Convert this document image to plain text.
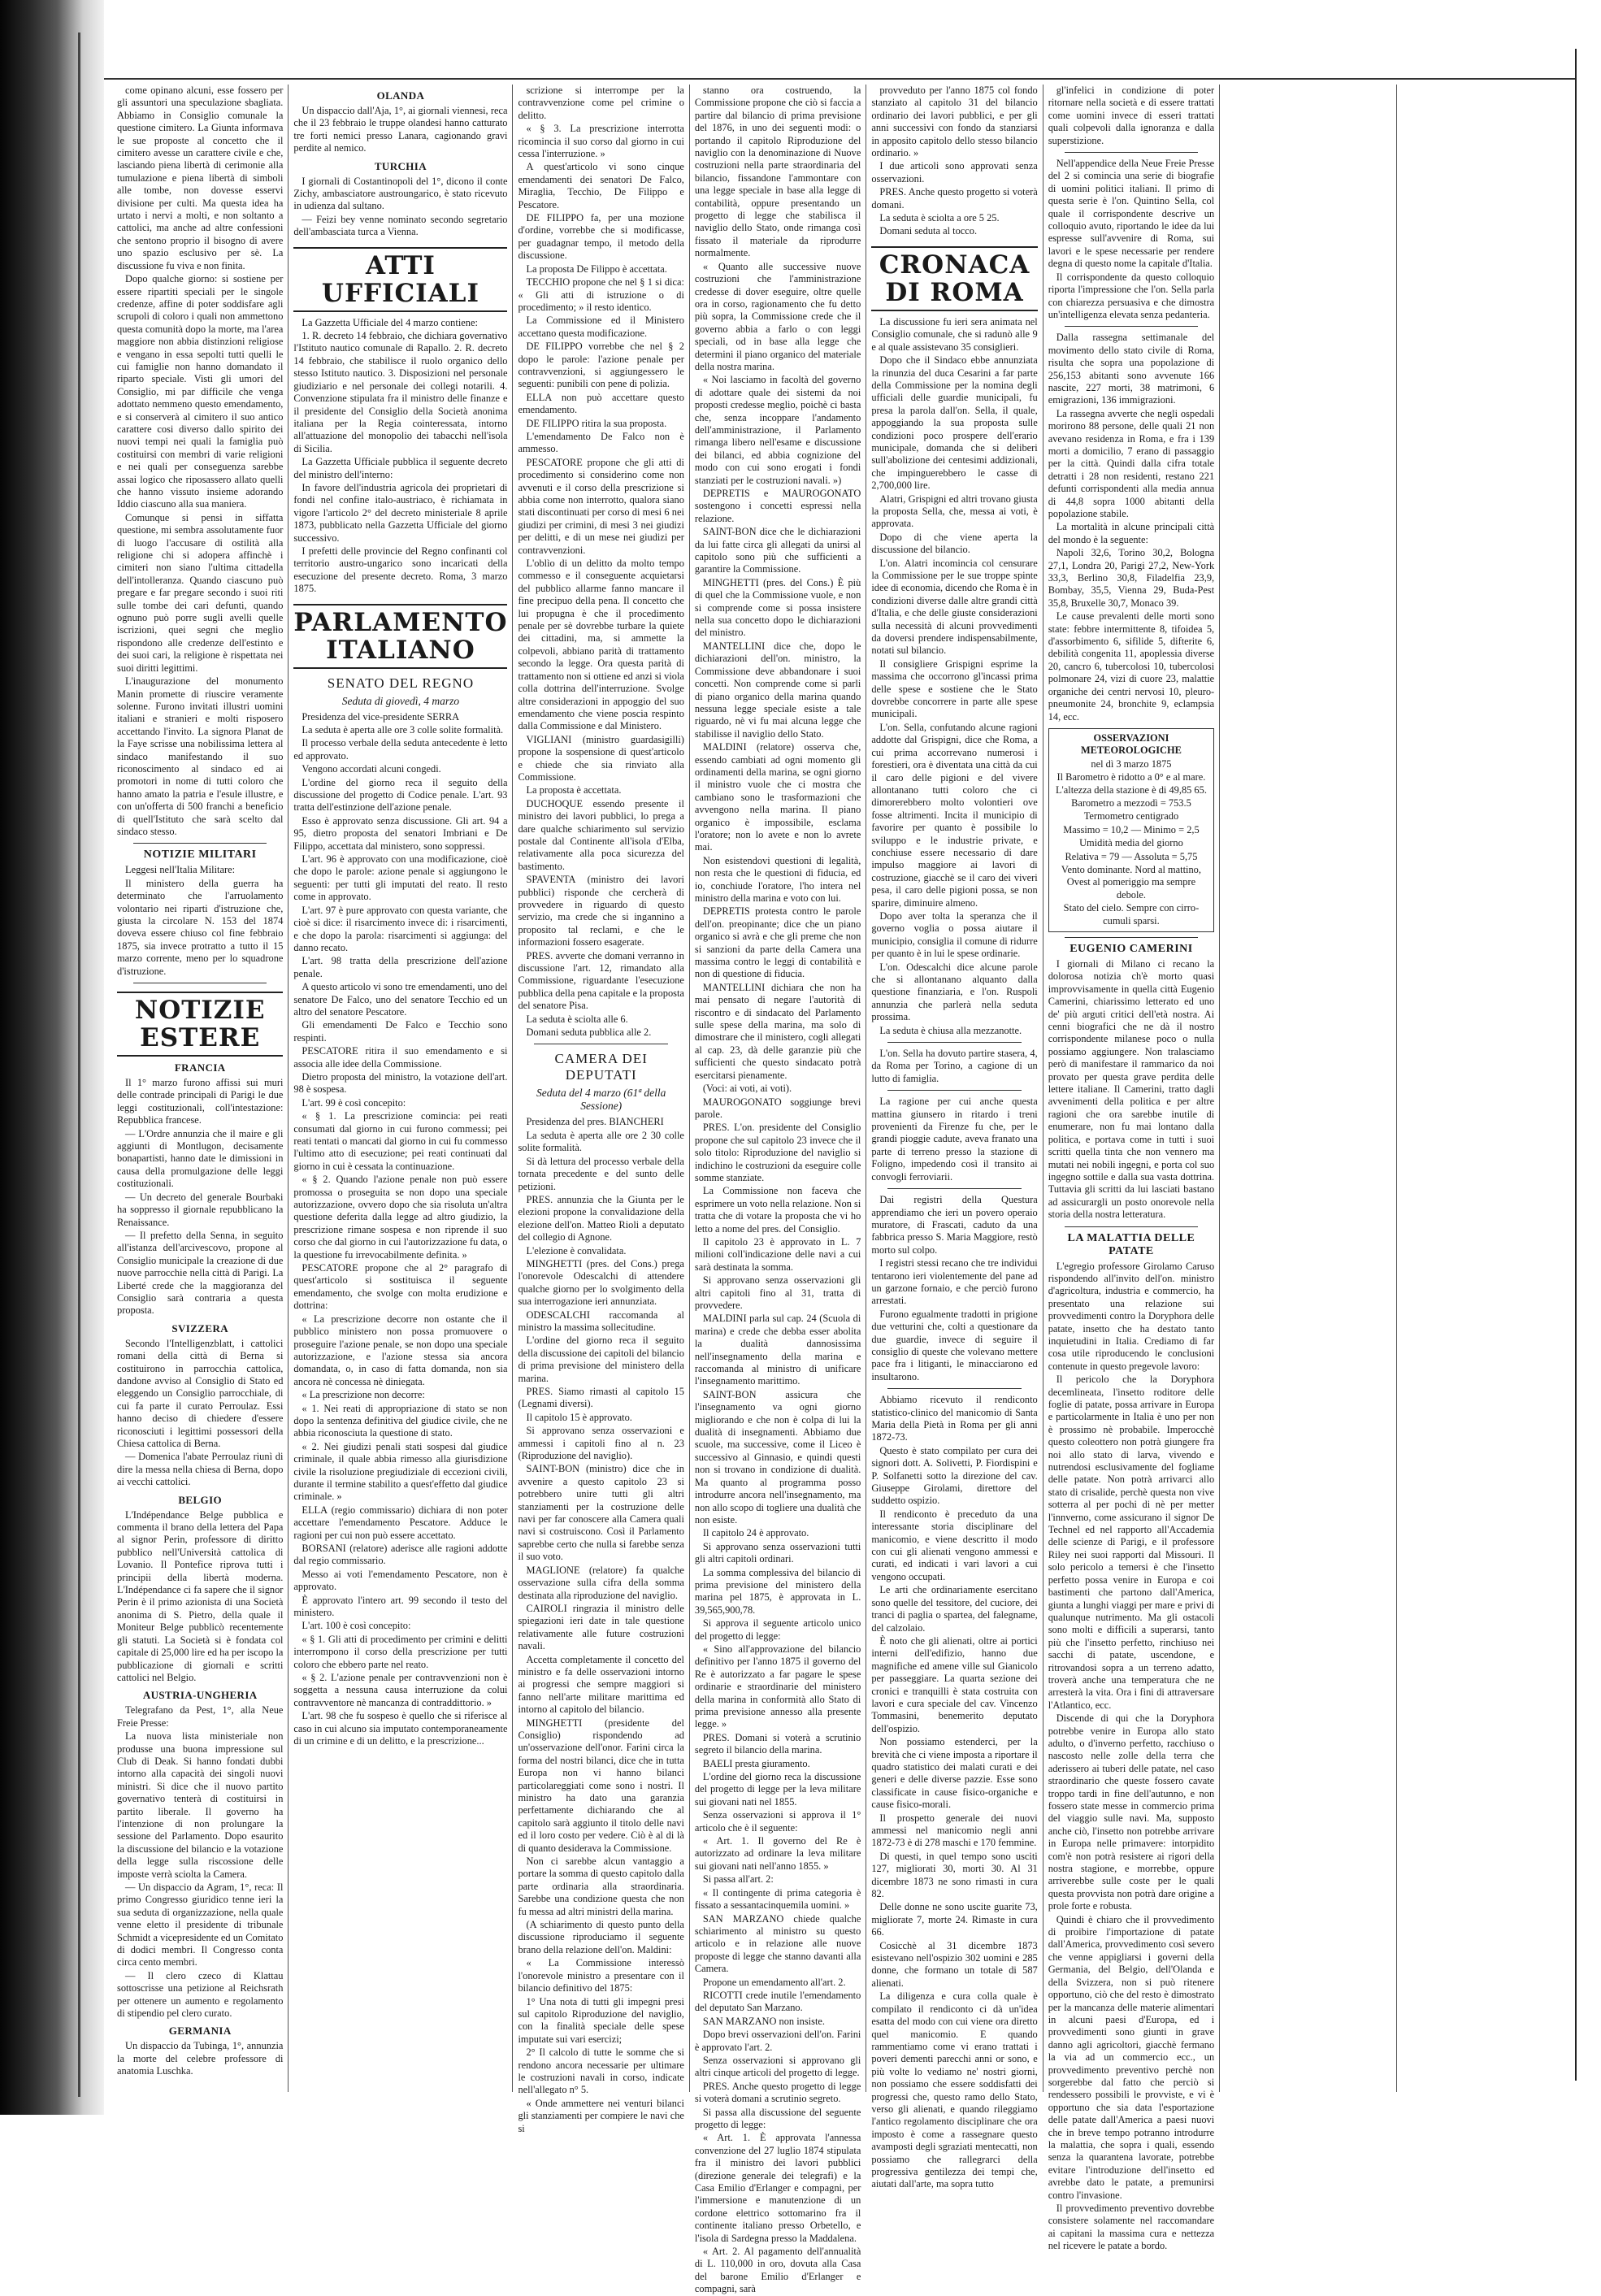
come opinano alcuni, esse fossero per gli assuntori una speculazione sbagliata. Abbiamo in Consiglio comunale la questione cimitero. La Giunta informava le sue proposte al concetto che il cimitero avesse un carattere civile e che, lasciando piena libertà di cerimonie alla tumulazione e piena libertà di simboli alle tombe, non dovesse esservi divisione per culti. Ma questa idea ha urtato i nervi a molti, e non soltanto a cattolici, ma anche ad altre confessioni che sentono proprio il bisogno di avere uno spazio esclusivo per sè. La discussione fu viva e non finita.

Dopo qualche giorno: si sostiene per essere ripartiti speciali per le singole credenze, affine di poter soddisfare agli scrupoli di coloro i quali non ammettono questa comunità dopo la morte, ma l'area maggiore non abbia distinzioni religiose e vengano in essa sepolti tutti quelli le cui famiglie non hanno domandato il riparto speciale. Visti gli umori del Consiglio, mi par difficile che venga adottato nemmeno questo emendamento, e si conserverà al cimitero il suo antico carattere cosi diverso dallo spirito dei nuovi tempi nei quali la famiglia può costituirsi con membri di varie religioni e nei quali per conseguenza sarebbe assai logico che riposassero allato quelli che hanno vissuto insieme adorando Iddio ciascuno alla sua maniera.

Comunque si pensi in siffatta questione, mi sembra assolutamente fuor di luogo l'accusare di ostilità alla religione chi si adopera affinchè i cimiteri non siano l'ultima cittadella dell'intolleranza. Quando ciascuno può pregare e far pregare secondo i suoi riti sulle tombe dei cari defunti, quando ognuno può porre sugli avelli quelle iscrizioni, quei segni che meglio rispondono alle credenze dell'estinto e dei suoi cari, la religione è rispettata nei suoi diritti legittimi.

L'inaugurazione del monumento Manin promette di riuscire veramente solenne. Furono invitati illustri uomini italiani e stranieri e molti risposero accettando l'invito. La signora Planat de la Faye scrisse una nobilissima lettera al sindaco manifestando il suo riconoscimento al sindaco ed ai promotori in nome di tutti coloro che hanno amato la patria e l'esule illustre, e con un'offerta di 500 franchi a beneficio di quell'Istituto che sarà scelto dal sindaco stesso.

NOTIZIE MILITARI

Leggesi nell'Italia Militare:

Il ministero della guerra ha determinato che l'arruolamento volontario nei riparti d'istruzione che, giusta la circolare N. 153 del 1874 doveva essere chiuso col fine febbraio 1875, sia invece protratto a tutto il 15 marzo corrente, meno per lo squadrone d'istruzione.

NOTIZIE ESTERE
FRANCIA

Il 1° marzo furono affissi sui muri delle contrade principali di Parigi le due leggi costituzionali, coll'intestazione: Repubblica francese.

— L'Ordre annunzia che il maire e gli aggiunti di Montlugon, decisamente bonapartisti, hanno date le dimissioni in causa della promulgazione delle leggi costituzionali.

— Un decreto del generale Bourbaki ha soppresso il giornale repubblicano la Renaissance.

— Il prefetto della Senna, in seguito all'istanza dell'arcivescovo, propone al Consiglio municipale la creazione di due nuove parrocchie nella città di Parigi. La Liberté crede che la maggioranza del Consiglio sarà contraria a questa proposta.

SVIZZERA

Secondo l'Intelligenzblatt, i cattolici romani della città di Berna si costituirono in parrocchia cattolica, dandone avviso al Consiglio di Stato ed eleggendo un Consiglio parrocchiale, di cui fa parte il curato Perroulaz. Essi hanno deciso di chiedere d'essere riconosciuti i legittimi possessori della Chiesa cattolica di Berna.

— Domenica l'abate Perroulaz riunì di dire la messa nella chiesa di Berna, dopo ai vecchi cattolici.

BELGIO

L'Indépendance Belge pubblica e commenta il brano della lettera del Papa al signor Perin, professore di diritto pubblico nell'Università cattolica di Lovanio. Il Pontefice riprova tutti i principii della libertà moderna. L'Indépendance ci fa sapere che il signor Perin è il primo azionista di una Società anonima di S. Pietro, della quale il Moniteur Belge pubblicò recentemente gli statuti. La Società si è fondata col capitale di 25,000 lire ed ha per iscopo la pubblicazione di giornali e scritti cattolici nel Belgio.

AUSTRIA-UNGHERIA

Telegrafano da Pest, 1°, alla Neue Freie Presse:

La nuova lista ministeriale non produsse una buona impressione sul Club di Deak. Si hanno fondati dubbi intorno alla capacità dei singoli nuovi ministri. Si dice che il nuovo partito governativo tenterà di costituirsi in partito liberale. Il governo ha l'intenzione di non prolungare la sessione del Parlamento. Dopo esaurito la discussione del bilancio e la votazione della legge sulla riscossione delle imposte verrà sciolta la Camera.

— Un dispaccio da Agram, 1°, reca: Il primo Congresso giuridico tenne ieri la sua seduta di organizzazione, nella quale venne eletto il presidente di tribunale Schmidt a vicepresidente ed un Comitato di dodici membri. Il Congresso conta circa cento membri.

— Il clero czeco di Klattau sottoscrisse una petizione al Reichsrath per ottenere un aumento e regolamento di stipendio pel clero curato.

GERMANIA

Un dispaccio da Tubinga, 1°, annunzia la morte del celebre professore di anatomia Luschka.

OLANDA

Un dispaccio dall'Aja, 1°, ai giornali viennesi, reca che il 23 febbraio le truppe olandesi hanno catturato tre forti nemici presso Lanara, cagionando gravi perdite al nemico.

TURCHIA

I giornali di Costantinopoli del 1°, dicono il conte Zichy, ambasciatore austroungarico, è stato ricevuto in udienza dal sultano.

— Feizi bey venne nominato secondo segretario dell'ambasciata turca a Vienna.

ATTI UFFICIALI

La Gazzetta Ufficiale del 4 marzo contiene:

1. R. decreto 14 febbraio, che dichiara governativo l'Istituto nautico comunale di Rapallo. 2. R. decreto 14 febbraio, che stabilisce il ruolo organico dello stesso Istituto nautico. 3. Disposizioni nel personale giudiziario e nel personale dei collegi notarili. 4. Convenzione stipulata fra il ministro delle finanze e il presidente del Consiglio della Società anonima italiana per la Regia cointeressata, intorno all'attuazione del monopolio dei tabacchi nell'isola di Sicilia.

La Gazzetta Ufficiale pubblica il seguente decreto del ministro dell'interno:

In favore dell'industria agricola dei proprietari di fondi nel confine italo-austriaco, è richiamata in vigore l'articolo 2° del decreto ministeriale 8 aprile 1873, pubblicato nella Gazzetta Ufficiale del giorno successivo.

I prefetti delle provincie del Regno confinanti col territorio austro-ungarico sono incaricati della esecuzione del presente decreto. Roma, 3 marzo 1875.

PARLAMENTO ITALIANO
SENATO DEL REGNO
Seduta di giovedì, 4 marzo

Presidenza del vice-presidente SERRA

La seduta è aperta alle ore 3 colle solite formalità.

Il processo verbale della seduta antecedente è letto ed approvato.

Vengono accordati alcuni congedi.

L'ordine del giorno reca il seguito della discussione del progetto di Codice penale. L'art. 93 tratta dell'estinzione dell'azione penale.

Esso è approvato senza discussione. Gli art. 94 a 95, dietro proposta del senatori Imbriani e De Filippo, accettata dal ministero, sono soppressi.

L'art. 96 è approvato con una modificazione, cioè che dopo le parole: azione penale si aggiungono le seguenti: per tutti gli imputati del reato. Il resto come in approvato.

L'art. 97 è pure approvato con questa variante, che cioè si dice: il risarcimento invece di: i risarcimenti, e che dopo la parola: risarcimenti si aggiunga: del danno recato.

L'art. 98 tratta della prescrizione dell'azione penale.

A questo articolo vi sono tre emendamenti, uno del senatore De Falco, uno del senatore Tecchio ed un altro del senatore Pescatore.

Gli emendamenti De Falco e Tecchio sono respinti.

PESCATORE ritira il suo emendamento e si associa alle idee della Commissione.

Dietro proposta del ministro, la votazione dell'art. 98 è sospesa.

L'art. 99 è così concepito:

« § 1. La prescrizione comincia: pei reati consumati dal giorno in cui furono commessi; pei reati tentati o mancati dal giorno in cui fu commesso l'ultimo atto di esecuzione; pei reati continuati dal giorno in cui è cessata la continuazione.

« § 2. Quando l'azione penale non può essere promossa o proseguita se non dopo una speciale autorizzazione, ovvero dopo che sia risoluta un'altra questione deferita dalla legge ad altro giudizio, la prescrizione rimane sospesa e non riprende il suo corso che dal giorno in cui l'autorizzazione fu data, o la questione fu irrevocabilmente definita. »

PESCATORE propone che al 2° paragrafo di quest'articolo si sostituisca il seguente emendamento, che svolge con molta erudizione e dottrina:

« La prescrizione decorre non ostante che il pubblico ministero non possa promuovere o proseguire l'azione penale, se non dopo una speciale autorizzazione, e l'azione stessa sia ancora domandata, o, in caso di fatta domanda, non sia ancora nè concessa nè diniegata.

« La prescrizione non decorre:

« 1. Nei reati di appropriazione di stato se non dopo la sentenza definitiva del giudice civile, che ne abbia riconosciuta la questione di stato.

« 2. Nei giudizi penali stati sospesi dal giudice criminale, il quale abbia rimesso alla giurisdizione civile la risoluzione pregiudiziale di eccezioni civili, durante il termine stabilito a quest'effetto dal giudice criminale. »

ELLA (regio commissario) dichiara di non poter accettare l'emendamento Pescatore. Adduce le ragioni per cui non può essere accettato.

BORSANI (relatore) aderisce alle ragioni addotte dal regio commissario.

Messo ai voti l'emendamento Pescatore, non è approvato.

È approvato l'intero art. 99 secondo il testo del ministero.

L'art. 100 è così concepito:

« § 1. Gli atti di procedimento per crimini e delitti interrompono il corso della prescrizione per tutti coloro che ebbero parte nel reato.

« § 2. L'azione penale per contravvenzioni non è soggetta a nessuna causa interruzione da colui contravventore nè mancanza di contraddittorio. »

L'art. 98 che fu sospeso è quello che si riferisce al caso in cui alcuno sia imputato contemporaneamente di un crimine e di un delitto, e la prescrizione...

scrizione si interrompe per la contravvenzione come pel crimine o delitto.

« § 3. La prescrizione interrotta ricomincia il suo corso dal giorno in cui cessa l'interruzione. »

A quest'articolo vi sono cinque emendamenti dei senatori De Falco, Miraglia, Tecchio, De Filippo e Pescatore.

DE FILIPPO fa, per una mozione d'ordine, vorrebbe che si modificasse, per guadagnar tempo, il metodo della discussione.

La proposta De Filippo è accettata.

TECCHIO propone che nel § 1 si dica: « Gli atti di istruzione o di procedimento; » il resto identico.

La Commissione ed il Ministero accettano questa modificazione.

DE FILIPPO vorrebbe che nel § 2 dopo le parole: l'azione penale per contravvenzioni, si aggiungessero le seguenti: punibili con pene di polizia.

ELLA non può accettare questo emendamento.

DE FILIPPO ritira la sua proposta.

L'emendamento De Falco non è ammesso.

PESCATORE propone che gli atti di procedimento si considerino come non avvenuti e il corso della prescrizione si abbia come non interrotto, qualora siano stati discontinuati per corso di mesi 6 nei giudizi per crimini, di mesi 3 nei giudizi per delitti, e di un mese nei giudizi per contravvenzioni.

L'oblìo di un delitto da molto tempo commesso e il conseguente acquietarsi del pubblico allarme fanno mancare il fine precipuo della pena. Il concetto che lui propugna è che il procedimento penale per sè dovrebbe turbare la quiete dei cittadini, ma, si ammette la colpevoli, abbiano parità di trattamento secondo la legge. Ora questa parità di trattamento non si ottiene ed anzi si viola colla dottrina dell'interruzione. Svolge altre considerazioni in appoggio del suo emendamento che viene poscia respinto dalla Commissione e dal Ministero.

VIGLIANI (ministro guardasigilli) propone la sospensione di quest'articolo e chiede che sia rinviato alla Commissione.

La proposta è accettata.

DUCHOQUE essendo presente il ministro dei lavori pubblici, lo prega a dare qualche schiarimento sul servizio postale dal Continente all'isola d'Elba, relativamente alla poca sicurezza del bastimento.

SPAVENTA (ministro dei lavori pubblici) risponde che cercherà di provvedere in riguardo di questo servizio, ma crede che si ingannino a proposito tal reclami, e che le informazioni fossero esagerate.

PRES. avverte che domani verranno in discussione l'art. 12, rimandato alla Commissione, riguardante l'esecuzione pubblica della pena capitale e la proposta del senatore Pisa.

La seduta è sciolta alle 6.

Domani seduta pubblica alle 2.

CAMERA DEI DEPUTATI
Seduta del 4 marzo (61ª della Sessione)

Presidenza del pres. BIANCHERI

La seduta è aperta alle ore 2 30 colle solite formalità.

Si dà lettura del processo verbale della tornata precedente e del sunto delle petizioni.

PRES. annunzia che la Giunta per le elezioni propone la convalidazione della elezione dell'on. Matteo Rioli a deputato del collegio di Agnone.

L'elezione è convalidata.

MINGHETTI (pres. del Cons.) prega l'onorevole Odescalchi di attendere qualche giorno per lo svolgimento della sua interrogazione ieri annunziata.

ODESCALCHI raccomanda al ministro la massima sollecitudine.

L'ordine del giorno reca il seguito della discussione dei capitoli del bilancio di prima previsione del ministero della marina.

PRES. Siamo rimasti al capitolo 15 (Legnami diversi).

Il capitolo 15 è approvato.

Si approvano senza osservazioni e ammessi i capitoli fino al n. 23 (Riproduzione del naviglio).

SAINT-BON (ministro) dice che in avvenire a questo capitolo 23 si potrebbero unire tutti gli altri stanziamenti per la costruzione delle navi per far conoscere alla Camera quali navi si costruiscono. Così il Parlamento saprebbe certo che nulla si farebbe senza il suo voto.

MAGLIONE (relatore) fa qualche osservazione sulla cifra della somma destinata alla riproduzione del naviglio.

CAIROLI ringrazia il ministro delle spiegazioni ieri date in tale questione relativamente alle future costruzioni navali.

Accetta completamente il concetto del ministro e fa delle osservazioni intorno ai progressi che sempre maggiori si fanno nell'arte militare marittima ed intorno al capitolo del bilancio.

MINGHETTI (presidente del Consiglio) rispondendo ad un'osservazione dell'onor. Farini circa la forma del nostri bilanci, dice che in tutta Europa non vi hanno bilanci particolareggiati come sono i nostri. Il ministro ha dato una garanzia perfettamente dichiarando che al capitolo sarà aggiunto il titolo delle navi ed il loro costo per vedere. Ciò è al di là di quanto desiderava la Commissione.

Non ci sarebbe alcun vantaggio a portare la somma di questo capitolo dalla parte ordinaria alla straordinaria. Sarebbe una condizione questa che non fu messa ad altri ministri della marina.

(A schiarimento di questo punto della discussione riproduciamo il seguente brano della relazione dell'on. Maldini:

« La Commissione interessò l'onorevole ministro a presentare con il bilancio definitivo del 1875:

1° Una nota di tutti gli impegni presi sul capitolo Riproduzione del naviglio, con la finalità speciale delle spese imputate sui vari esercizi;

2° Il calcolo di tutte le somme che si rendono ancora necessarie per ultimare le costruzioni navali in corso, indicate nell'allegato n° 5.

« Onde ammettere nei venturi bilanci gli stanziamenti per compiere le navi che si

stanno ora costruendo, la Commissione propone che ciò si faccia a partire dal bilancio di prima previsione del 1876, in uno dei seguenti modi: o portando il capitolo Riproduzione del naviglio con la denominazione di Nuove costruzioni nella parte straordinaria del bilancio, fissandone l'ammontare con una legge speciale in base alla legge di contabilità, oppure presentando un progetto di legge che stabilisca il naviglio dello Stato, onde rimanga così fissato il materiale da riprodurre normalmente.

« Quanto alle successive nuove costruzioni che l'amministrazione credesse di dover eseguire, oltre quelle ora in corso, ragionamento che fu detto più sopra, la Commissione crede che il governo abbia a farlo o con leggi speciali, od in base alla legge che determini il piano organico del materiale della nostra marina.

« Noi lasciamo in facoltà del governo di adottare quale dei sistemi da noi proposti credesse meglio, poichè ci basta che, senza incoppare l'andamento dell'amministrazione, il Parlamento rimanga libero nell'esame e discussione dei bilanci, ed abbia cognizione del modo con cui sono erogati i fondi stanziati per le costruzioni navali. »)

DEPRETIS e MAUROGONATO sostengono i concetti espressi nella relazione.

SAINT-BON dice che le dichiarazioni da lui fatte circa gli allegati da unirsi al capitolo sono più che sufficienti a garantire la Commissione.

MINGHETTI (pres. del Cons.) È più di quel che la Commissione vuole, e non si comprende come si possa insistere nella sua concetto dopo le dichiarazioni del ministro.

MANTELLINI dice che, dopo le dichiarazioni dell'on. ministro, la Commissione deve abbandonare i suoi concetti. Non comprende come si parli di piano organico della marina quando nessuna legge speciale esiste a tale riguardo, nè vi fu mai alcuna legge che stabilisse il naviglio dello Stato.

MALDINI (relatore) osserva che, essendo cambiati ad ogni momento gli ordinamenti della marina, se ogni giorno il ministro vuole che ci mostra che cambiano sono le trasformazioni che avvengono nella marina. Il piano organico è impossibile, esclama l'oratore; non lo avete e non lo avrete mai.

Non esistendovi questioni di legalità, non resta che le questioni di fiducia, ed io, conchiude l'oratore, l'ho intera nel ministro della marina e voto con lui.

DEPRETIS protesta contro le parole dell'on. preopinante; dice che un piano organico si avrà e che gli preme che non si sanzioni da parte della Camera una massima contro le leggi di contabilità e non di questione di fiducia.

MANTELLINI dichiara che non ha mai pensato di negare l'autorità di riscontro e di sindacato del Parlamento sulle spese della marina, ma solo di dimostrare che il ministero, cogli allegati al cap. 23, dà delle garanzie più che sufficienti che questo sindacato potrà esercitarsi pienamente.

(Voci: ai voti, ai voti).

MAUROGONATO soggiunge brevi parole.

PRES. L'on. presidente del Consiglio propone che sul capitolo 23 invece che il solo titolo: Riproduzione del naviglio si indichino le costruzioni da eseguire colle somme stanziate.

La Commissione non faceva che esprimere un voto nella relazione. Non si tratta che di votare la proposta che vi ho letto a nome del pres. del Consiglio.

Il capitolo 23 è approvato in L. 7 milioni coll'indicazione delle navi a cui sarà destinata la somma.

Si approvano senza osservazioni gli altri capitoli fino al 31, tratta di provvedere.

MALDINI parla sul cap. 24 (Scuola di marina) e crede che debba esser abolita la dualità dannosissima nell'insegnamento della marina e raccomanda al ministro di unificare l'insegnamento marittimo.

SAINT-BON assicura che l'insegnamento va ogni giorno migliorando e che non è colpa di lui la dualità di insegnamenti. Abbiamo due scuole, ma successive, come il Liceo è successivo al Ginnasio, e quindi questi non si trovano in condizione di dualità. Ma quanto al programma posso introdurre ancora nell'insegnamento, ma non allo scopo di togliere una dualità che non esiste.

Il capitolo 24 è approvato.

Si approvano senza osservazioni tutti gli altri capitoli ordinari.

La somma complessiva del bilancio di prima previsione del ministero della marina pel 1875, è approvata in L. 39,565,900,78.

Si approva il seguente articolo unico del progetto di legge:

« Sino all'approvazione del bilancio definitivo per l'anno 1875 il governo del Re è autorizzato a far pagare le spese ordinarie e straordinarie del ministero della marina in conformità allo Stato di prima previsione annesso alla presente legge. »

PRES. Domani si voterà a scrutinio segreto il bilancio della marina.

BAELI presta giuramento.

L'ordine del giorno reca la discussione del progetto di legge per la leva militare sui giovani nati nel 1855.

Senza osservazioni si approva il 1° articolo che è il seguente:

« Art. 1. Il governo del Re è autorizzato ad ordinare la leva militare sui giovani nati nell'anno 1855. »

Si passa all'art. 2:

« Il contingente di prima categoria è fissato a sessantacinquemila uomini. »

SAN MARZANO chiede qualche schiarimento al ministro su questo articolo e in relazione alle nuove proposte di legge che stanno davanti alla Camera.

Propone un emendamento all'art. 2.

RICOTTI crede inutile l'emendamento del deputato San Marzano.

SAN MARZANO non insiste.

Dopo brevi osservazioni dell'on. Farini è approvato l'art. 2.

Senza osservazioni si approvano gli altri cinque articoli del progetto di legge.

PRES. Anche questo progetto di legge si voterà domani a scrutinio segreto.

Si passa alla discussione del seguente progetto di legge:

« Art. 1. È approvata l'annessa convenzione del 27 luglio 1874 stipulata fra il ministro dei lavori pubblici (direzione generale dei telegrafi) e la Casa Emilio d'Erlanger e compagni, per l'immersione e manutenzione di un cordone elettrico sottomarino fra il continente italiano presso Orbetello, e l'isola di Sardegna presso la Maddalena.

« Art. 2. Al pagamento dell'annualità di L. 110,000 in oro, dovuta alla Casa del barone Emilio d'Erlanger e compagni, sarà

provveduto per l'anno 1875 col fondo stanziato al capitolo 31 del bilancio ordinario dei lavori pubblici, e per gli anni successivi con fondo da stanziarsi in apposito capitolo dello stesso bilancio ordinario. »

I due articoli sono approvati senza osservazioni.

PRES. Anche questo progetto si voterà domani.

La seduta è sciolta a ore 5 25.

Domani seduta al tocco.

CRONACA DI ROMA

La discussione fu ieri sera animata nel Consiglio comunale, che si radunò alle 9 e al quale assistevano 35 consiglieri.

Dopo che il Sindaco ebbe annunziata la rinunzia del duca Cesarini a far parte della Commissione per la nomina degli ufficiali delle guardie municipali, fu presa la parola dall'on. Sella, il quale, appoggiando la sua proposta sulle condizioni poco prospere dell'erario municipale, domanda che si deliberi sull'abolizione dei centesimi addizionali, che impinguerebbero le casse di 2,700,000 lire.

Alatri, Grispigni ed altri trovano giusta la proposta Sella, che, messa ai voti, è approvata.

Dopo di che viene aperta la discussione del bilancio.

L'on. Alatri incomincia col censurare la Commissione per le sue troppe spinte idee di economia, dicendo che Roma è in condizioni diverse dalle altre grandi città d'Italia, e che delle giuste considerazioni sulla necessità di alcuni provvedimenti da doversi prendere indispensabilmente, notati sul bilancio.

Il consigliere Grispigni esprime la massima che occorrono gl'incassi prima delle spese e sostiene che le Stato dovrebbe concorrere in parte alle spese municipali.

L'on. Sella, confutando alcune ragioni addotte dal Grispigni, dice che Roma, a cui prima accorrevano numerosi i forestieri, ora è diventata una città da cui il caro delle pigioni e del vivere allontanano tutti coloro che ci dimorerebbero molto volontieri ove fosse altrimenti. Incita il municipio di favorire per quanto è possibile lo sviluppo e le industrie private, e conchiuse essere necessario di dare impulso maggiore ai lavori di costruzione, giacchè se il caro dei viveri pesa, il caro delle pigioni possa, se non sparire, diminuire almeno.

Dopo aver tolta la speranza che il governo voglia o possa aiutare il municipio, consiglia il comune di ridurre per quanto è in lui le spese ordinarie.

L'on. Odescalchi dice alcune parole che si allontanano alquanto dalla questione finanziaria, e l'on. Ruspoli annunzia che parlerà nella seduta prossima.

La seduta è chiusa alla mezzanotte.

L'on. Sella ha dovuto partire stasera, 4, da Roma per Torino, a cagione di un lutto di famiglia.

La ragione per cui anche questa mattina giunsero in ritardo i treni provenienti da Firenze fu che, per le grandi pioggie cadute, aveva franato una parte di terreno presso la stazione di Foligno, impedendo così il transito ai convogli ferroviarii.

Dai registri della Questura apprendiamo che ieri un povero operaio muratore, di Frascati, caduto da una fabbrica presso S. Maria Maggiore, restò morto sul colpo.

I registri stessi recano che tre individui tentarono ieri violentemente del pane ad un garzone fornaio, e che perciò furono arrestati.

Furono egualmente tradotti in prigione due vetturini che, colti a questionare da due guardie, invece di seguire il consiglio di queste che volevano mettere pace fra i litiganti, le minacciarono ed insultarono.

Abbiamo ricevuto il rendiconto statistico-clinico del manicomio di Santa Maria della Pietà in Roma per gli anni 1872-73.

Questo è stato compilato per cura dei signori dott. A. Solivetti, P. Fiordispini e P. Solfanetti sotto la direzione del cav. Giuseppe Girolami, direttore del suddetto ospizio.

Il rendiconto è preceduto da una interessante storia disciplinare del manicomio, e viene descritto il modo con cui gli alienati vengono ammessi e curati, ed indicati i vari lavori a cui vengono occupati.

Le arti che ordinariamente esercitano sono quelle del tessitore, del cuciore, dei tranci di paglia o spartea, del falegname, del calzolaio.

È noto che gli alienati, oltre ai portici interni dell'edifizio, hanno due magnifiche ed amene ville sul Gianicolo per passeggiare. La quarta sezione dei cronici e tranquilli è stata costruita con lavori e cura speciale del cav. Vincenzo Tommasini, benemerito deputato dell'ospizio.

Non possiamo estenderci, per la brevità che ci viene imposta a riportare il quadro statistico dei malati curati e dei generi e delle diverse pazzie. Esse sono classificate in cause fisico-organiche e cause fisico-morali.

Il prospetto generale dei nuovi ammessi nel manicomio negli anni 1872-73 è di 278 maschi e 170 femmine.

Di questi, in quel tempo sono usciti 127, migliorati 30, morti 30. Al 31 dicembre 1873 ne sono rimasti in cura 82.

Delle donne ne sono uscite guarite 73, migliorate 7, morte 24. Rimaste in cura 66.

Cosicchè al 31 dicembre 1873 esistevano nell'ospizio 302 uomini e 285 donne, che formano un totale di 587 alienati.

La diligenza e cura colla quale è compilato il rendiconto ci dà un'idea esatta del modo con cui viene ora diretto quel manicomio. E quando rammentiamo come vi erano trattati i poveri dementi parecchi anni or sono, e più volte lo vediamo ne' nostri giorni, non possiamo che essere soddisfatti dei progressi che, questo ramo dello Stato, verso gli alienati, e quando rileggiamo l'antico regolamento disciplinare che ora imposto è come a rassegnare questo avamposti degli sgraziati mentecatti, non possiamo che rallegrarci della progressiva gentilezza dei tempi che, aiutati dall'arte, ma sopra tutto

gl'infelici in condizione di poter ritornare nella società e di essere trattati come uomini invece di esseri trattati quali colpevoli dalla ignoranza e dalla superstizione.

Nell'appendice della Neue Freie Presse del 2 si comincia una serie di biografie di uomini politici italiani. Il primo di questa serie è l'on. Quintino Sella, col quale il corrispondente descrive un colloquio avuto, riportando le idee da lui espresse sull'avvenire di Roma, sui lavori e le spese necessarie per rendere degna di questo nome la capitale d'Italia.

Il corrispondente da questo colloquio riporta l'impressione che l'on. Sella parla con chiarezza persuasiva e che dimostra un'intelligenza elevata senza pedanteria.

Dalla rassegna settimanale del movimento dello stato civile di Roma, risulta che sopra una popolazione di 256,153 abitanti sono avvenute 166 nascite, 227 morti, 38 matrimoni, 6 emigrazioni, 136 immigrazioni.

La rassegna avverte che negli ospedali morirono 88 persone, delle quali 21 non avevano residenza in Roma, e fra i 139 morti a domicilio, 7 erano di passaggio per la città. Quindi dalla cifra totale detratti i 28 non residenti, restano 221 defunti corrispondenti alla media annua di 44,8 sopra 1000 abitanti della popolazione stabile.

La mortalità in alcune principali città del mondo è la seguente:

Napoli 32,6, Torino 30,2, Bologna 27,1, Londra 20, Parigi 27,2, New-York 33,3, Berlino 30,8, Filadelfia 23,9, Bombay, 35,5, Vienna 29, Buda-Pest 35,8, Bruxelle 30,7, Monaco 39.

Le cause prevalenti delle morti sono state: febbre intermittente 8, tifoidea 5, d'assorbimento 6, sifilide 5, difterite 6, debilità congenita 11, apoplessia diverse 20, cancro 6, tubercolosi 10, tubercolosi polmonare 24, vizi di cuore 23, malattie organiche dei centri nervosi 10, pleuro-pneumonite 24, bronchite 9, eclampsia 14, ecc.

OSSERVAZIONI METEOROLOGICHE

nel dì 3 marzo 1875

Il Barometro è ridotto a 0° e al mare. L'altezza della stazione è di 49,85 65.

Barometro a mezzodì = 753.5

Termometro centigrado

Massimo = 10,2 — Minimo = 2,5

Umidità media del giorno

Relativa = 79 — Assoluta = 5,75

Vento dominante. Nord al mattino, Ovest al pomeriggio ma sempre debole.

Stato del cielo. Sempre con cirro-cumuli sparsi.

EUGENIO CAMERINI

I giornali di Milano ci recano la dolorosa notizia ch'è morto quasi improvvisamente in quella città Eugenio Camerini, chiarissimo letterato ed uno de' più arguti critici dell'età nostra. Ai cenni biografici che ne dà il nostro corrispondente milanese poco o nulla possiamo aggiungere. Non tralasciamo però di manifestare il rammarico da noi provato per questa grave perdita delle lettere italiane. Il Camerini, tratto dagli avvenimenti della politica e per altre ragioni che ora sarebbe inutile di enumerare, non fu mai lontano dalla politica, e portava come in tutti i suoi scritti quella tinta che non vennero ma mutati nei nobili ingegni, e porta col suo ingegno sottile e dalla sua vasta dottrina. Tuttavia gli scritti da lui lasciati bastano ad assicurargli un posto onorevole nella storia della nostra letteratura.

LA MALATTIA DELLE PATATE

L'egregio professore Girolamo Caruso rispondendo all'invito dell'on. ministro d'agricoltura, industria e commercio, ha presentato una relazione sui provvedimenti contro la Doryphora delle patate, insetto che ha destato tanto inquietudini in Italia. Crediamo di far cosa utile riproducendo le conclusioni contenute in questo pregevole lavoro:

Il pericolo che la Doryphora decemlineata, l'insetto roditore delle foglie di patate, possa arrivare in Europa e particolarmente in Italia è uno per non è prossimo nè probabile. Imperocchè questo coleottero non potrà giungere fra noi allo stato di larva, vivendo e nutrendosi esclusivamente del fogliame delle patate. Non potrà arrivarci allo stato di crisalide, perchè questa non vive sotterra al per pochi di nè per metter l'innverno, come assicurano il signor De Technel ed nel rapporto all'Accademia delle scienze di Parigi, e il professore Riley nei suoi rapporti dal Missouri. Il solo pericolo a temersi è che l'insetto perfetto possa venire in Europa e coi bastimenti che partono dall'America, giunta a lunghi viaggi per mare e privi di qualunque nutrimento. Ma gli ostacoli sono molti e difficili a superarsi, tanto più che l'insetto perfetto, rinchiuso nei sacchi di patate, uscendone, e ritrovandosi sopra a un terreno adatto, troverà anche una temperatura che ne arresterà la vita. Ora i fini di attraversare l'Atlantico, ecc.

Discende di qui che la Doryphora potrebbe venire in Europa allo stato adulto, o d'inverno perfetto, racchiuso o nascosto nelle zolle della terra che aderissero ai tuberi delle patate, nel caso straordinario che queste fossero cavate troppo tardi in fine dell'autunno, e non fossero state messe in commercio prima del viaggio sulle navi. Ma, supposto anche ciò, l'insetto non potrebbe arrivare in Europa nelle primavere: intorpidito com'è non potrà resistere ai rigori della nostra stagione, e morrebbe, oppure arriverebbe sulle coste per le quali questa provvista non potrà dare origine a prole forte e robusta.

Quindi è chiaro che il provvedimento di proibire l'importazione di patate dall'America, provvedimento così severo che venne appigliarsi i governi della Germania, del Belgio, dell'Olanda e della Svizzera, non si può ritenere opportuno, ciò che del resto è dimostrato per la mancanza delle materie alimentari in alcuni paesi d'Europa, ed i provvedimenti sono giunti in grave danno agli agricoltori, giacchè fermano la via ad un commercio ecc., un provvedimento preventivo perchè non sorgerebbe dal fatto che perciò si rendessero possibili le provviste, e vi è opportuno che sia data l'esportazione delle patate dall'America a paesi nuovi che in breve tempo potranno introdurre la malattia, che sopra i quali, essendo senza la quarantena lavorate, potrebbe evitare l'introduzione dell'insetto ed avrebbe dato le patate, a premunirsi contro l'invasione.

Il provvedimento preventivo dovrebbe consistere solamente nel raccomandare ai capitani la massima cura e nettezza nel ricevere le patate a bordo.
